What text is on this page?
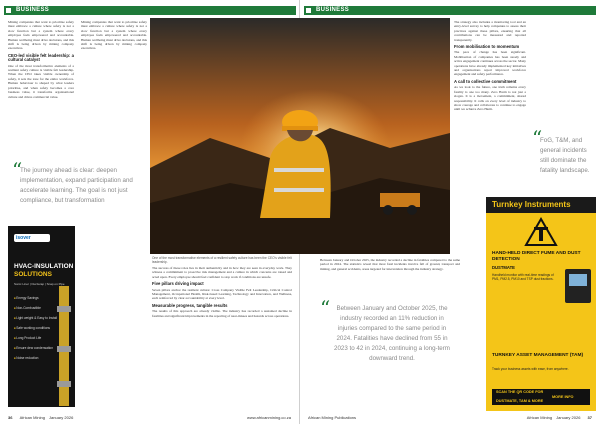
BUSINESS

Mining companies that want to prioritise safety must embrace a culture where safety is not a slow function but a system where every employee feels empowered and accountable. Human wellbeing must drive decisions, and this shift is being driven by mining company executives.

CEO-led visible felt leadership: a cultural catalyst

One of the most transformative elements of a resilient safety culture is visible felt leadership. When the CEO takes visible ownership of safety, it sets the tone for the entire workforce. Human behaviour is shaped by what leaders prioritise, and when safety becomes a core business value, it transforms organisational culture and drives commercial value.

“
The journey ahead is clear: deepen implementation, expand participation and accelerate learning. The goal is not just compliance, but transformation

Mining companies that want to prioritise safety must embrace a culture where safety is not a slow function but a system where every employee feels empowered and accountable. Human wellbeing must drive decisions, and this shift is being driven by mining company executives.

One of the most transformative elements of a resilient safety culture has been the CEO's visible felt leadership.

The success of these roles lies in their authenticity and in how they are seen in everyday work. They witness a commitment to proactive risk management and a culture in which concerns are raised and acted upon. Every employee should feel confident to stop work if conditions are unsafe.

Five pillars driving impact

Seven pillars anchor the resilient culture: Cross Company Visible Felt Leadership, Critical Control Management, Occupational Health, Risk-based Learning, Technology and Innovation, and Wellness, each reinforced by clear accountability at every level.

Measurable progress, tangible results

The results of this approach are already visible. The industry has recorded a sustained decline in fatalities and significant improvements in the reporting of near-misses and hazards across operations.

isover
HVAC-INSULATION
SOLUTIONS
Sonic Liner | Ductwrap | Snap on Pipe
■ Energy Savings
■ Non-Combustible
■ Light weight & Easy to Install
■ Safe working conditions
■ Long Product Life
■ Ensure dew condensation
■ Noise reduction
36 African Mining January 2026	www.africanmining.co.za
BUSINESS

The strategy also includes a monitoring tool and an entry-level survey to help companies to assess their practices against these pillars, ensuring that all contributions can be measured and reported transparently.

From mobilisation to momentum

The pace of change has been significant. Mobilisation of companies has been steady and active engagement continues across the sector. Many operations have already implemented key initiatives and organisations report improved workforce engagement and safety performance.

A call to collective commitment

As we look to the future, one truth remains every fatality is one too many. Zero Harm is not just a slogan. It is a movement, a commitment, shared responsibility. It calls on every level of industry to show courage and collaborate to continue to engage until we achieve Zero Harm.

“
FoG, T&M, and general incidents still dominate the fatality landscape.

Between January and October 2025, the industry recorded a decline in fatalities compared to the same period in 2024. The statistics reveal that most fatal incidents involve fall of ground, transport and mining, and general accidents, areas targeted for intervention through the industry strategy.

“	Between January and October 2025, the industry recorded an 11% reduction in injuries compared to the same period in 2024. Fatalities have declined from 55 in 2023 to 42 in 2024, continuing a long-term downward trend.
Turnkey Instruments
HAND-HELD DIRECT FUME AND DUST DETECTION
DUSTMATE
Handheld monitor with real-time readings of PM1, PM2.5, PM10 and TSP dust fractions.
TURNKEY ASSET MANAGEMENT (TAM)
Track your business assets with ease, from anywhere.
SCAN THE QR CODE FOR
MORE INFO
DUSTMATE, TAM & MORE
African Mining Publications	African Mining January 2026 37
